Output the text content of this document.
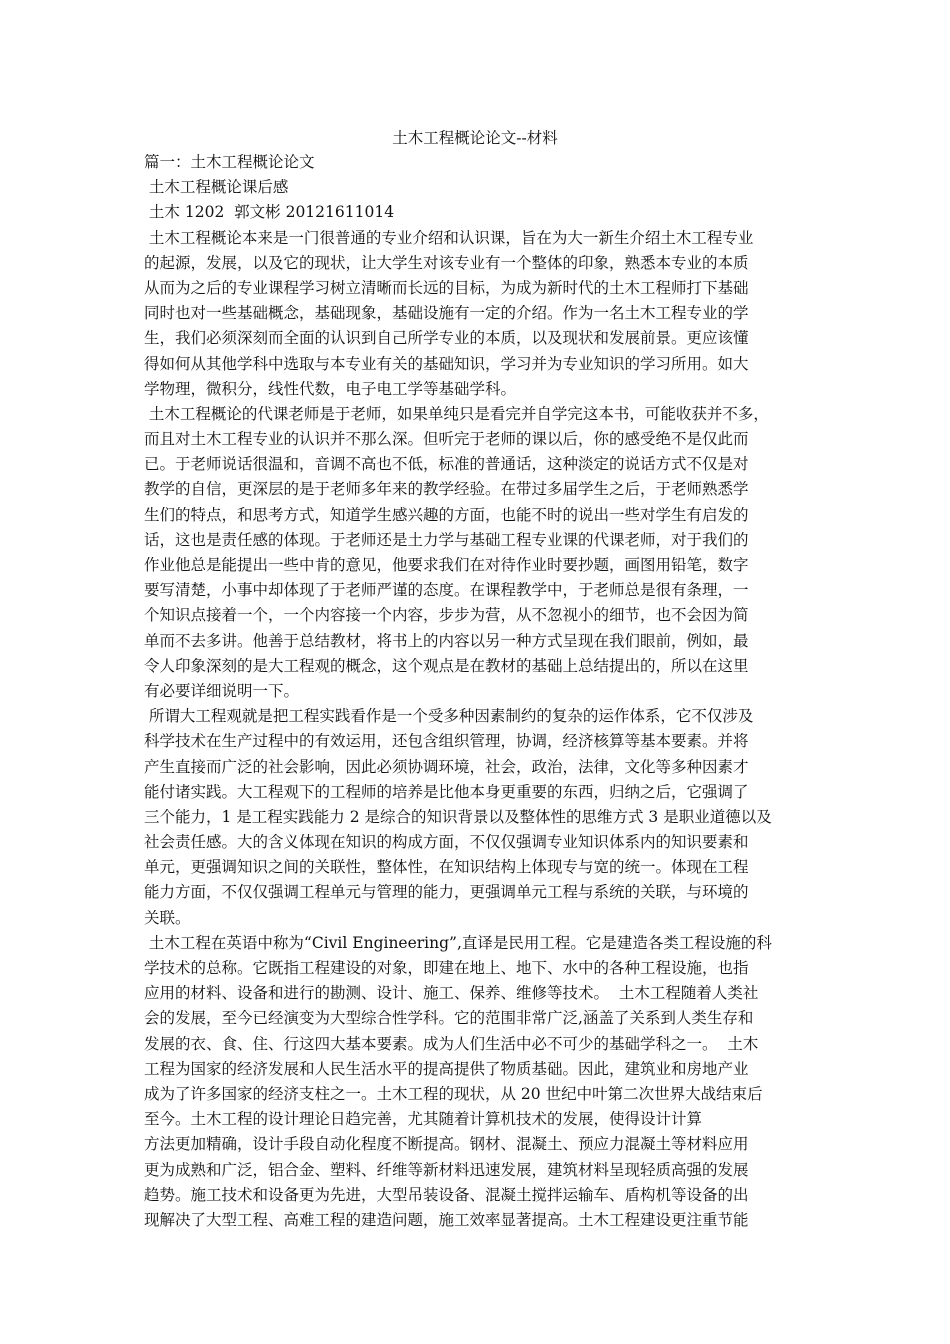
土木工程概论论文--材料
篇一：土木工程概论论文
土木工程概论课后感
土木 1202  郭文彬 20121611014
土木工程概论本来是一门很普通的专业介绍和认识课，旨在为大一新生介绍土木工程专业
的起源，发展，以及它的现状，让大学生对该专业有一个整体的印象，熟悉本专业的本质
从而为之后的专业课程学习树立清晰而长远的目标，为成为新时代的土木工程师打下基础
同时也对一些基础概念，基础现象，基础设施有一定的介绍。作为一名土木工程专业的学
生，我们必须深刻而全面的认识到自己所学专业的本质，以及现状和发展前景。更应该懂
得如何从其他学科中选取与本专业有关的基础知识，学习并为专业知识的学习所用。如大
学物理，微积分，线性代数，电子电工学等基础学科。
土木工程概论的代课老师是于老师，如果单纯只是看完并自学完这本书，可能收获并不多，
而且对土木工程专业的认识并不那么深。但听完于老师的课以后，你的感受绝不是仅此而
已。于老师说话很温和，音调不高也不低，标准的普通话，这种淡定的说话方式不仅是对
教学的自信，更深层的是于老师多年来的教学经验。在带过多届学生之后，于老师熟悉学
生们的特点，和思考方式，知道学生感兴趣的方面，也能不时的说出一些对学生有启发的
话，这也是责任感的体现。于老师还是土力学与基础工程专业课的代课老师，对于我们的
作业他总是能提出一些中肯的意见，他要求我们在对待作业时要抄题，画图用铅笔，数字
要写清楚，小事中却体现了于老师严谨的态度。在课程教学中，于老师总是很有条理，一
个知识点接着一个，一个内容接一个内容，步步为营，从不忽视小的细节，也不会因为简
单而不去多讲。他善于总结教材，将书上的内容以另一种方式呈现在我们眼前，例如，最
令人印象深刻的是大工程观的概念，这个观点是在教材的基础上总结提出的，所以在这里
有必要详细说明一下。
所谓大工程观就是把工程实践看作是一个受多种因素制约的复杂的运作体系，它不仅涉及
科学技术在生产过程中的有效运用，还包含组织管理，协调，经济核算等基本要素。并将
产生直接而广泛的社会影响，因此必须协调环境，社会，政治，法律，文化等多种因素才
能付诸实践。大工程观下的工程师的培养是比他本身更重要的东西，归纳之后，它强调了
三个能力，1 是工程实践能力 2 是综合的知识背景以及整体性的思维方式 3 是职业道德以及
社会责任感。大的含义体现在知识的构成方面，不仅仅强调专业知识体系内的知识要素和
单元，更强调知识之间的关联性，整体性，在知识结构上体现专与宽的统一。体现在工程
能力方面，不仅仅强调工程单元与管理的能力，更强调单元工程与系统的关联，与环境的
关联。
土木工程在英语中称为“Civil Engineering”,直译是民用工程。它是建造各类工程设施的科
学技术的总称。它既指工程建设的对象，即建在地上、地下、水中的各种工程设施，也指
应用的材料、设备和进行的勘测、设计、施工、保养、维修等技术。  土木工程随着人类社
会的发展，至今已经演变为大型综合性学科。它的范围非常广泛,涵盖了关系到人类生存和
发展的衣、食、住、行这四大基本要素。成为人们生活中必不可少的基础学科之一。  土木
工程为国家的经济发展和人民生活水平的提高提供了物质基础。因此，建筑业和房地产业
成为了许多国家的经济支柱之一。土木工程的现状，从 20 世纪中叶第二次世界大战结束后
至今。土木工程的设计理论日趋完善，尤其随着计算机技术的发展，使得设计计算
方法更加精确，设计手段自动化程度不断提高。钢材、混凝土、预应力混凝土等材料应用
更为成熟和广泛，铝合金、塑料、纤维等新材料迅速发展，建筑材料呈现轻质高强的发展
趋势。施工技术和设备更为先进，大型吊装设备、混凝土搅拌运输车、盾构机等设备的出
现解决了大型工程、高难工程的建造问题，施工效率显著提高。土木工程建设更注重节能
